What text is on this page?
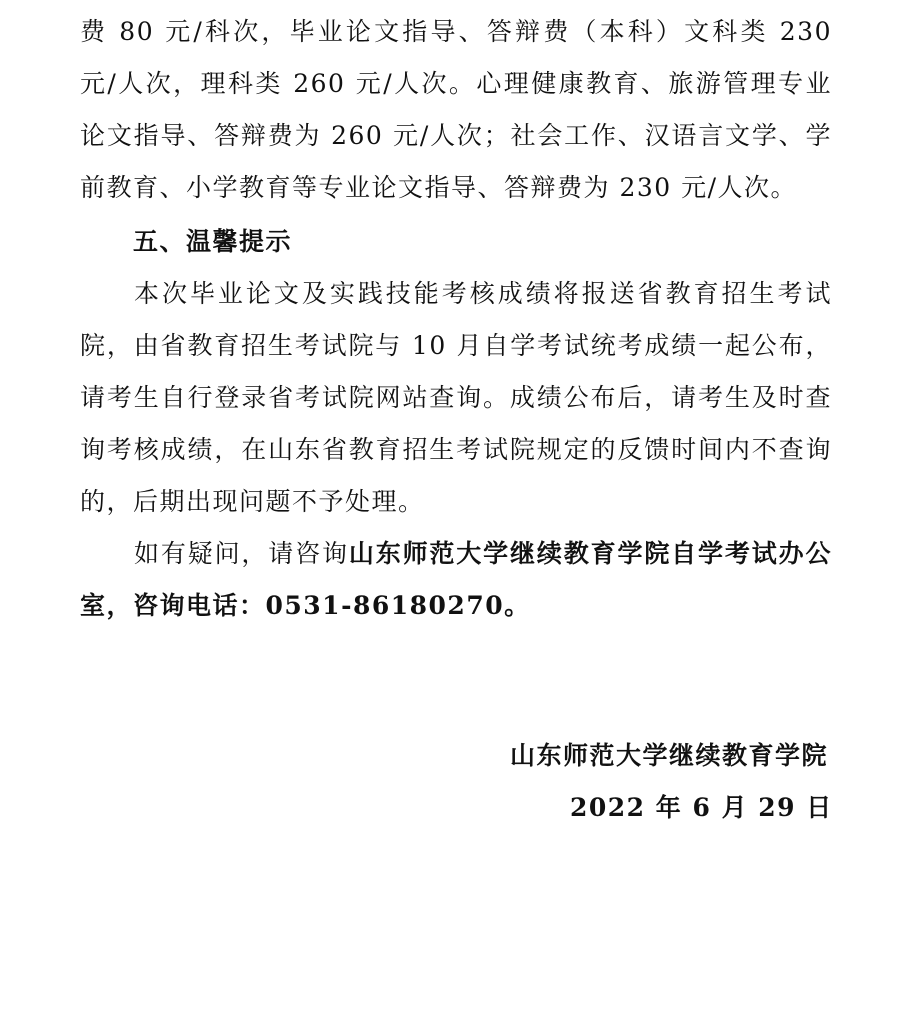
费 80 元/科次，毕业论文指导、答辩费（本科）文科类 230 元/人次，理科类 260 元/人次。心理健康教育、旅游管理专业论文指导、答辩费为 260 元/人次；社会工作、汉语言文学、学前教育、小学教育等专业论文指导、答辩费为 230 元/人次。
五、温馨提示
本次毕业论文及实践技能考核成绩将报送省教育招生考试院，由省教育招生考试院与 10 月自学考试统考成绩一起公布，请考生自行登录省考试院网站查询。成绩公布后，请考生及时查询考核成绩，在山东省教育招生考试院规定的反馈时间内不查询的，后期出现问题不予处理。
如有疑问，请咨询山东师范大学继续教育学院自学考试办公室，咨询电话：0531-86180270。
山东师范大学继续教育学院
2022 年 6 月 29 日
